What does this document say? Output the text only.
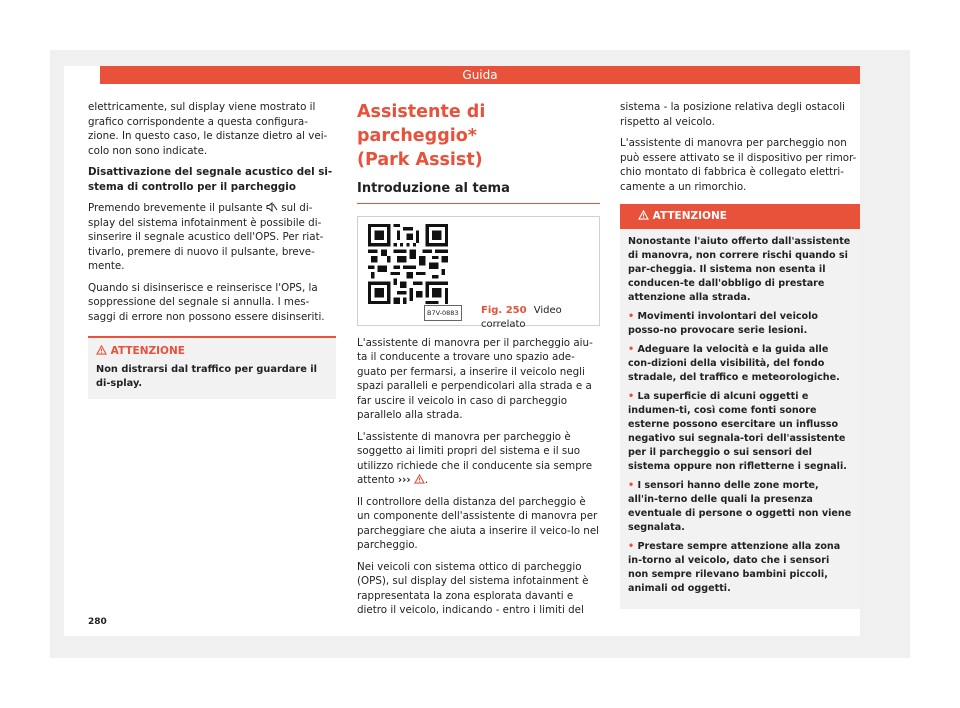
Guida

elettricamente, sul display viene mostrato il grafico corrispondente a questa configura-zione. In questo caso, le distanze dietro al vei-colo non sono indicate.

Disattivazione del segnale acustico del si-stema di controllo per il parcheggio

Premendo brevemente il pulsante sul di-splay del sistema infotainment è possibile di-sinserire il segnale acustico dell'OPS. Per riat-tivarlo, premere di nuovo il pulsante, breve-mente.

Quando si disinserisce e reinserisce l'OPS, la soppressione del segnale si annulla. I mes-saggi di errore non possono essere disinseriti.

ATTENZIONE
Non distrarsi dal traffico per guardare il di-splay.
Assistente di parcheggio*
(Park Assist)
Introduzione al tema
B7V-0883	Fig. 250 Video correlato

L'assistente di manovra per il parcheggio aiu-ta il conducente a trovare uno spazio ade-guato per fermarsi, a inserire il veicolo negli spazi paralleli e perpendicolari alla strada e a far uscire il veicolo in caso di parcheggio parallelo alla strada.

L'assistente di manovra per parcheggio è soggetto ai limiti propri del sistema e il suo utilizzo richiede che il conducente sia sempre attento ››› .

Il controllore della distanza del parcheggio è un componente dell'assistente di manovra per parcheggiare che aiuta a inserire il veico-lo nel parcheggio.

Nei veicoli con sistema ottico di parcheggio (OPS), sul display del sistema infotainment è rappresentata la zona esplorata davanti e dietro il veicolo, indicando - entro i limiti del

sistema - la posizione relativa degli ostacoli rispetto al veicolo.

L'assistente di manovra per parcheggio non può essere attivato se il dispositivo per rimor-chio montato di fabbrica è collegato elettri-camente a un rimorchio.

ATTENZIONE

Nonostante l'aiuto offerto dall'assistente di manovra, non correre rischi quando si par-cheggia. Il sistema non esenta il conducen-te dall'obbligo di prestare attenzione alla strada.

• Movimenti involontari del veicolo posso-no provocare serie lesioni.

• Adeguare la velocità e la guida alle con-dizioni della visibilità, del fondo stradale, del traffico e meteorologiche.

• La superficie di alcuni oggetti e indumen-ti, così come fonti sonore esterne possono esercitare un influsso negativo sui segnala-tori dell'assistente per il parcheggio o sui sensori del sistema oppure non rifletterne i segnali.

• I sensori hanno delle zone morte, all'in-terno delle quali la presenza eventuale di persone o oggetti non viene segnalata.

• Prestare sempre attenzione alla zona in-torno al veicolo, dato che i sensori non sempre rilevano bambini piccoli, animali od oggetti.

280
